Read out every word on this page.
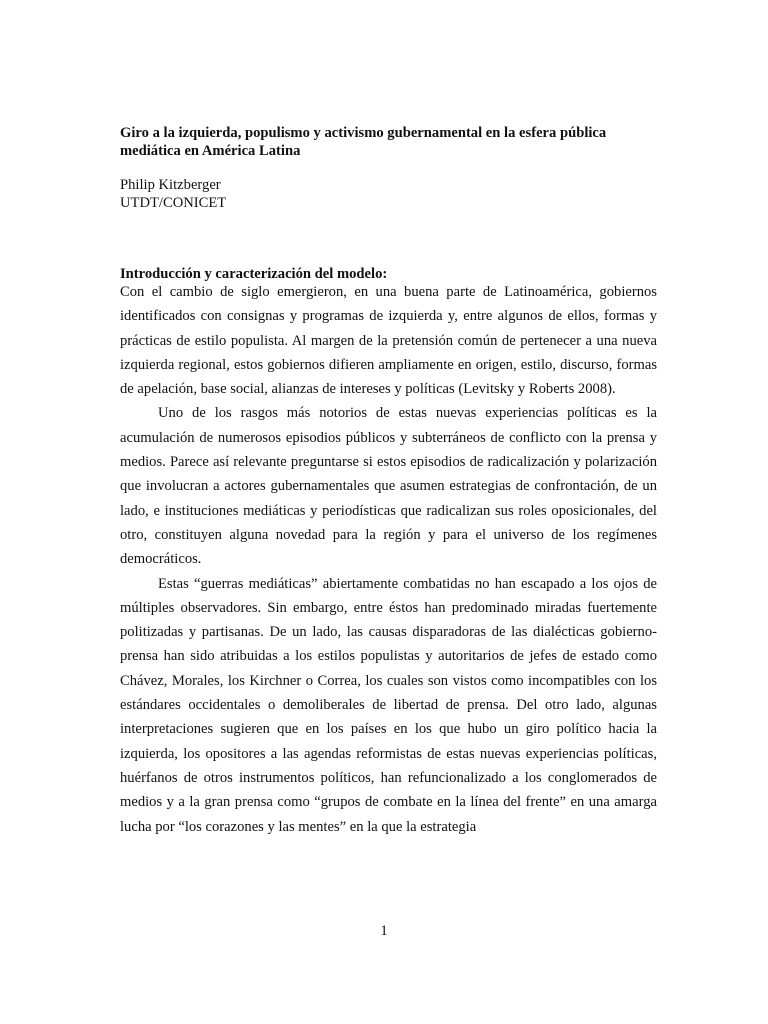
Giro a la izquierda, populismo y activismo gubernamental en la esfera pública mediática en América Latina
Philip Kitzberger
UTDT/CONICET
Introducción y caracterización del modelo:

Con el cambio de siglo emergieron, en una buena parte de Latinoamérica, gobiernos identificados con consignas y programas de izquierda y, entre algunos de ellos, formas y prácticas de estilo populista. Al margen de la pretensión común de pertenecer a una nueva izquierda regional, estos gobiernos difieren ampliamente en origen, estilo, discurso, formas de apelación, base social, alianzas de intereses y políticas (Levitsky y Roberts 2008).

Uno de los rasgos más notorios de estas nuevas experiencias políticas es la acumulación de numerosos episodios públicos y subterráneos de conflicto con la prensa y medios. Parece así relevante preguntarse si estos episodios de radicalización y polarización que involucran a actores gubernamentales que asumen estrategias de confrontación, de un lado, e instituciones mediáticas y periodísticas que radicalizan sus roles oposicionales, del otro, constituyen alguna novedad para la región y para el universo de los regímenes democráticos.

Estas “guerras mediáticas” abiertamente combatidas no han escapado a los ojos de múltiples observadores. Sin embargo, entre éstos han predominado miradas fuertemente politizadas y partisanas. De un lado, las causas disparadoras de las dialécticas gobierno-prensa han sido atribuidas a los estilos populistas y autoritarios de jefes de estado como Chávez, Morales, los Kirchner o Correa, los cuales son vistos como incompatibles con los estándares occidentales o demoliberales de libertad de prensa. Del otro lado, algunas interpretaciones sugieren que en los países en los que hubo un giro político hacia la izquierda, los opositores a las agendas reformistas de estas nuevas experiencias políticas, huérfanos de otros instrumentos políticos, han refuncionalizado a los conglomerados de medios y a la gran prensa como “grupos de combate en la línea del frente” en una amarga lucha por “los corazones y las mentes” en la que la estrategia

1
